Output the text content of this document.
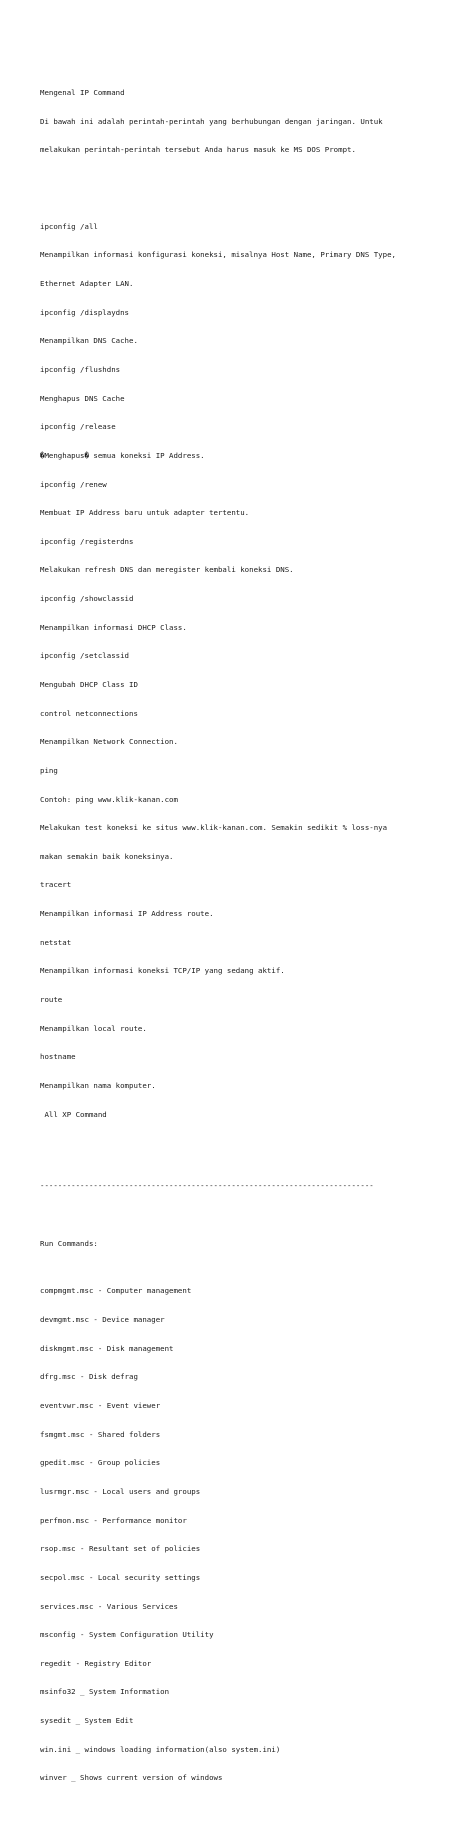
Mengenal IP Command

Di bawah ini adalah perintah-perintah yang berhubungan dengan jaringan. Untuk

melakukan perintah-perintah tersebut Anda harus masuk ke MS DOS Prompt.

ipconfig /all

Menampilkan informasi konfigurasi koneksi, misalnya Host Name, Primary DNS Type,

Ethernet Adapter LAN.

ipconfig /displaydns

Menampilkan DNS Cache.

ipconfig /flushdns

Menghapus DNS Cache

ipconfig /release

�Menghapus� semua koneksi IP Address.

ipconfig /renew

Membuat IP Address baru untuk adapter tertentu.

ipconfig /registerdns

Melakukan refresh DNS dan meregister kembali koneksi DNS.

ipconfig /showclassid

Menampilkan informasi DHCP Class.

ipconfig /setclassid

Mengubah DHCP Class ID

control netconnections

Menampilkan Network Connection.

ping

Contoh: ping www.klik-kanan.com

Melakukan test koneksi ke situs www.klik-kanan.com. Semakin sedikit % loss-nya

makan semakin baik koneksinya.

tracert

Menampilkan informasi IP Address route.

netstat

Menampilkan informasi koneksi TCP/IP yang sedang aktif.

route

Menampilkan local route.

hostname

Menampilkan nama komputer.

All XP Command

---------------------------------------------------------------------------

Run Commands:

compmgmt.msc - Computer management

devmgmt.msc - Device manager

diskmgmt.msc - Disk management

dfrg.msc - Disk defrag

eventvwr.msc - Event viewer

fsmgmt.msc - Shared folders

gpedit.msc - Group policies

lusrmgr.msc - Local users and groups

perfmon.msc - Performance monitor

rsop.msc - Resultant set of policies

secpol.msc - Local security settings

services.msc - Various Services

msconfig - System Configuration Utility

regedit - Registry Editor

msinfo32 _ System Information

sysedit _ System Edit

win.ini _ windows loading information(also system.ini)

winver _ Shows current version of windows
